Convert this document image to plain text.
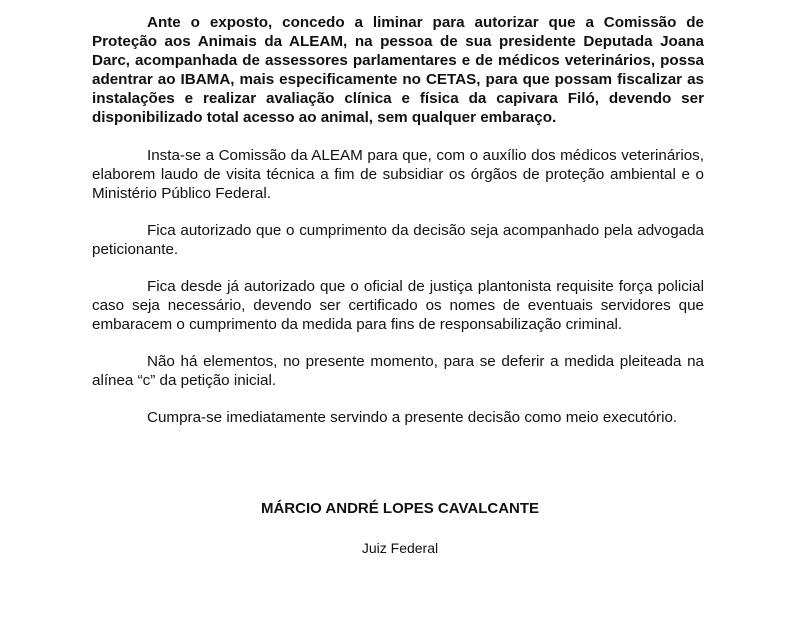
Ante o exposto, concedo a liminar para autorizar que a Comissão de Proteção aos Animais da ALEAM, na pessoa de sua presidente Deputada Joana Darc, acompanhada de assessores parlamentares e de médicos veterinários, possa adentrar ao IBAMA, mais especificamente no CETAS, para que possam fiscalizar as instalações e realizar avaliação clínica e física da capivara Filó, devendo ser disponibilizado total acesso ao animal, sem qualquer embaraço.

Insta-se a Comissão da ALEAM para que, com o auxílio dos médicos veterinários, elaborem laudo de visita técnica a fim de subsidiar os órgãos de proteção ambiental e o Ministério Público Federal.

Fica autorizado que o cumprimento da decisão seja acompanhado pela advogada peticionante.

Fica desde já autorizado que o oficial de justiça plantonista requisite força policial caso seja necessário, devendo ser certificado os nomes de eventuais servidores que embaracem o cumprimento da medida para fins de responsabilização criminal.

Não há elementos, no presente momento, para se deferir a medida pleiteada na alínea “c” da petição inicial.

Cumpra-se imediatamente servindo a presente decisão como meio executório.

MÁRCIO ANDRÉ LOPES CAVALCANTE
Juiz Federal
